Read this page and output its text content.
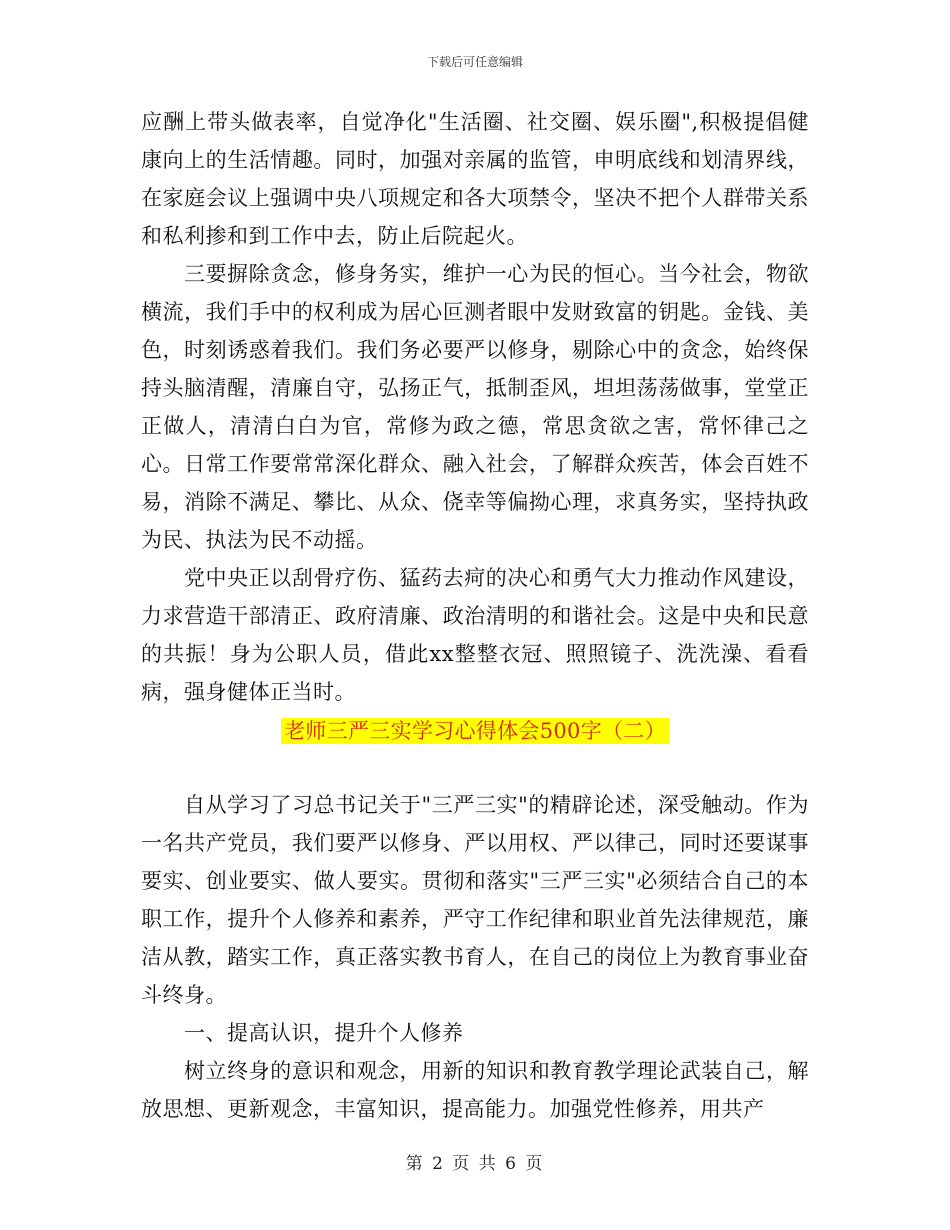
下载后可任意编辑

应酬上带头做表率，自觉净化"生活圈、社交圈、娱乐圈",积极提倡健康向上的生活情趣。同时，加强对亲属的监管，申明底线和划清界线，在家庭会议上强调中央八项规定和各大项禁令，坚决不把个人群带关系和私利掺和到工作中去，防止后院起火。

三要摒除贪念，修身务实，维护一心为民的恒心。当今社会，物欲横流，我们手中的权利成为居心叵测者眼中发财致富的钥匙。金钱、美色，时刻诱惑着我们。我们务必要严以修身，剔除心中的贪念，始终保持头脑清醒，清廉自守，弘扬正气，抵制歪风，坦坦荡荡做事，堂堂正正做人，清清白白为官，常修为政之德，常思贪欲之害，常怀律己之心。日常工作要常常深化群众、融入社会，了解群众疾苦，体会百姓不易，消除不满足、攀比、从众、侥幸等偏拗心理，求真务实，坚持执政为民、执法为民不动摇。

党中央正以刮骨疗伤、猛药去疴的决心和勇气大力推动作风建设，力求营造干部清正、政府清廉、政治清明的和谐社会。这是中央和民意的共振！身为公职人员，借此xx整整衣冠、照照镜子、洗洗澡、看看病，强身健体正当时。

老师三严三实学习心得体会500字（二）

自从学习了习总书记关于"三严三实"的精辟论述，深受触动。作为一名共产党员，我们要严以修身、严以用权、严以律己，同时还要谋事要实、创业要实、做人要实。贯彻和落实"三严三实"必须结合自己的本职工作，提升个人修养和素养，严守工作纪律和职业首先法律规范，廉洁从教，踏实工作，真正落实教书育人，在自己的岗位上为教育事业奋斗终身。

一、提高认识，提升个人修养

树立终身的意识和观念，用新的知识和教育教学理论武装自己，解放思想、更新观念，丰富知识，提高能力。加强党性修养，用共产

第 2 页 共 6 页
